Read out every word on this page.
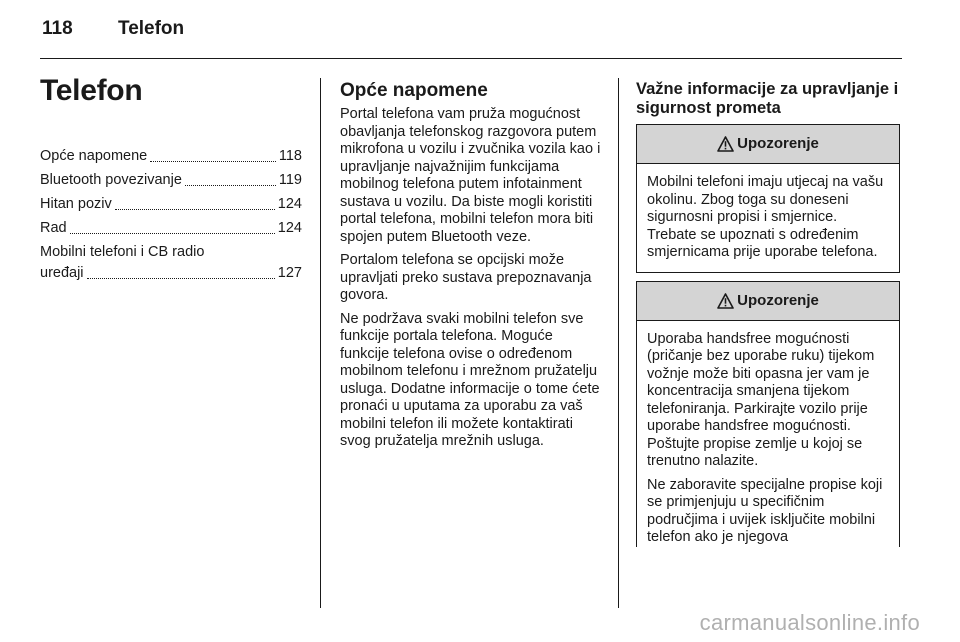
118 Telefon
Telefon
Opće napomene	118
Bluetooth povezivanje	119
Hitan poziv	124
Rad	124
Mobilni telefoni i CB radio
uređaji	127
Opće napomene

Portal telefona vam pruža mogućnost obavljanja telefonskog razgovora putem mikrofona u vozilu i zvučnika vozila kao i upravljanje najvažnijim funkcijama mobilnog telefona putem infotainment sustava u vozilu. Da biste mogli koristiti portal telefona, mobilni telefon mora biti spojen putem Bluetooth veze.

Portalom telefona se opcijski može upravljati preko sustava prepoznavanja govora.

Ne podržava svaki mobilni telefon sve funkcije portala telefona. Moguće funkcije telefona ovise o određenom mobilnom telefonu i mrežnom pružatelju usluga. Dodatne informacije o tome ćete pronaći u uputama za uporabu za vaš mobilni telefon ili možete kontaktirati svog pružatelja mrežnih usluga.

Važne informacije za upravljanje i sigurnost prometa
Upozorenje

Mobilni telefoni imaju utjecaj na vašu okolinu. Zbog toga su doneseni sigurnosni propisi i smjernice. Trebate se upoznati s određenim smjernicama prije uporabe telefona.

Upozorenje

Uporaba handsfree mogućnosti (pričanje bez uporabe ruku) tijekom vožnje može biti opasna jer vam je koncentracija smanjena tijekom telefoniranja. Parkirajte vozilo prije uporabe handsfree mogućnosti. Poštujte propise zemlje u kojoj se trenutno nalazite.

Ne zaboravite specijalne propise koji se primjenjuju u specifičnim područjima i uvijek isključite mobilni telefon ako je njegova

carmanualsonline.info
